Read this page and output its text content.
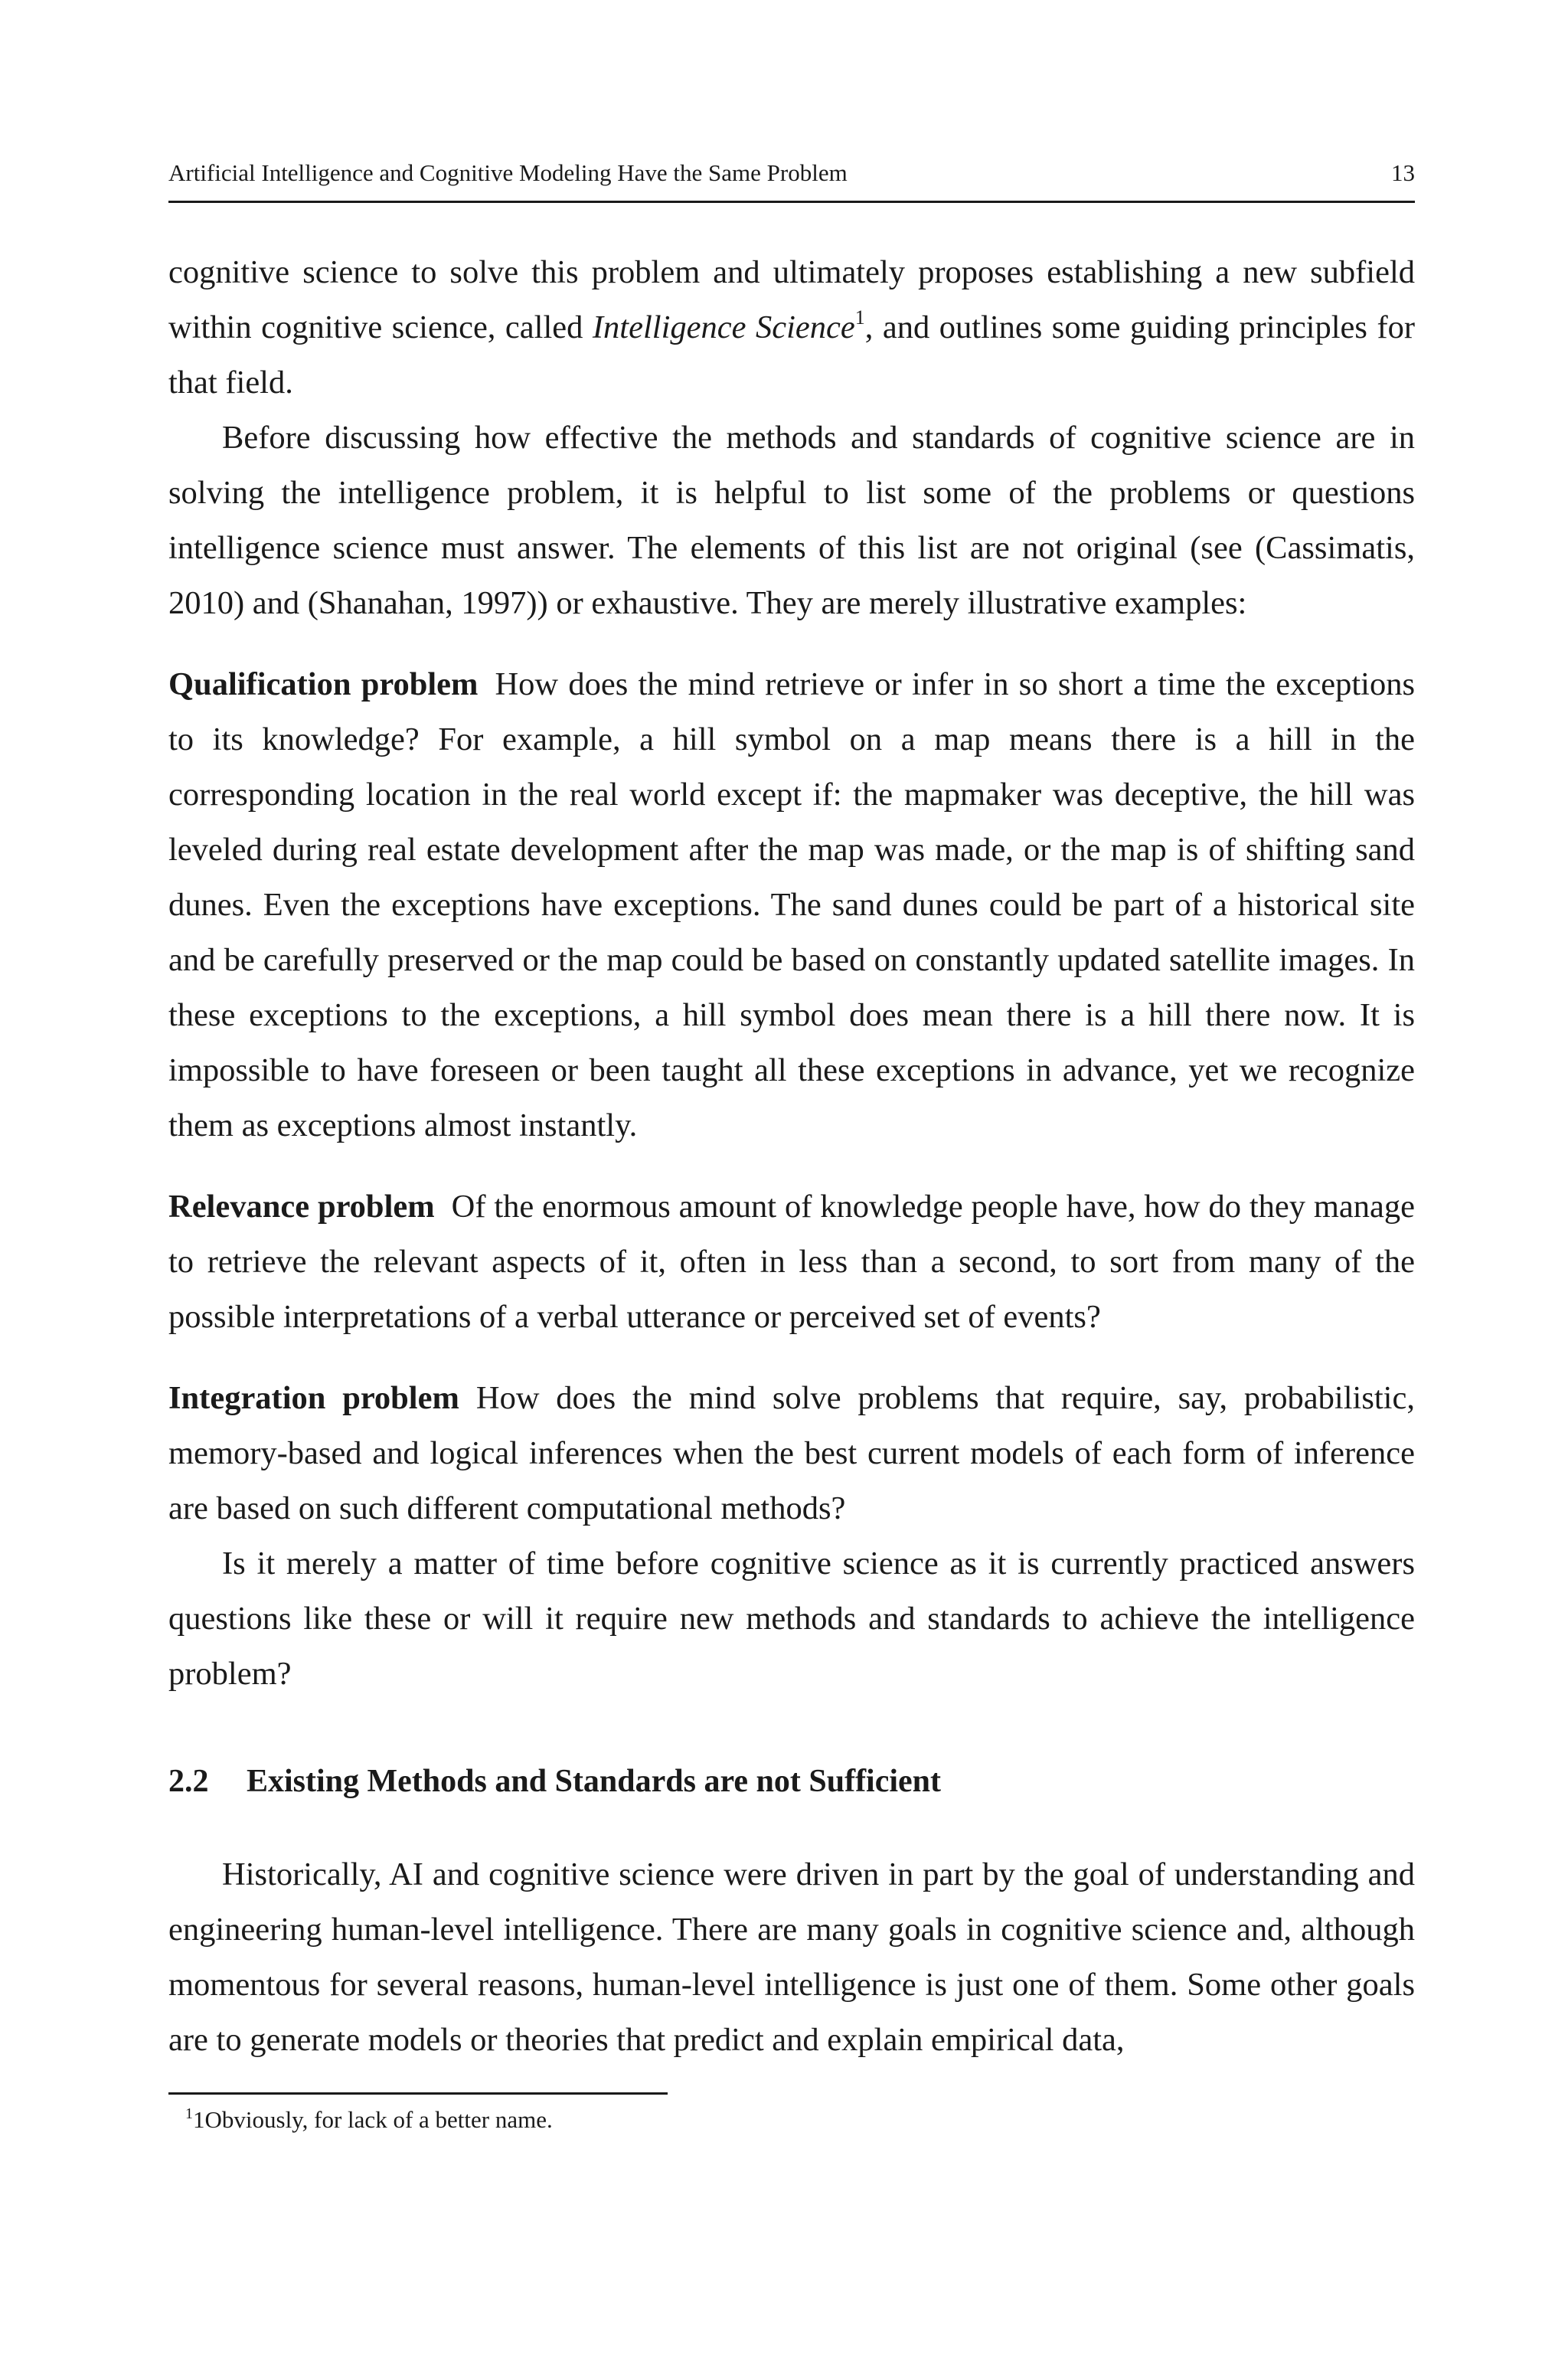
Artificial Intelligence and Cognitive Modeling Have the Same Problem	13

cognitive science to solve this problem and ultimately proposes establishing a new subfield within cognitive science, called Intelligence Science$^1$, and outlines some guiding principles for that field.

Before discussing how effective the methods and standards of cognitive science are in solving the intelligence problem, it is helpful to list some of the problems or questions intelligence science must answer. The elements of this list are not original (see (Cassimatis, 2010) and (Shanahan, 1997)) or exhaustive. They are merely illustrative examples:

Qualification problem How does the mind retrieve or infer in so short a time the exceptions to its knowledge? For example, a hill symbol on a map means there is a hill in the corresponding location in the real world except if: the mapmaker was deceptive, the hill was leveled during real estate development after the map was made, or the map is of shifting sand dunes. Even the exceptions have exceptions. The sand dunes could be part of a historical site and be carefully preserved or the map could be based on constantly updated satellite images. In these exceptions to the exceptions, a hill symbol does mean there is a hill there now. It is impossible to have foreseen or been taught all these exceptions in advance, yet we recognize them as exceptions almost instantly.

Relevance problem Of the enormous amount of knowledge people have, how do they manage to retrieve the relevant aspects of it, often in less than a second, to sort from many of the possible interpretations of a verbal utterance or perceived set of events?

Integration problem How does the mind solve problems that require, say, probabilistic, memory-based and logical inferences when the best current models of each form of inference are based on such different computational methods?

Is it merely a matter of time before cognitive science as it is currently practiced answers questions like these or will it require new methods and standards to achieve the intelligence problem?

2.2 Existing Methods and Standards are not Sufficient

Historically, AI and cognitive science were driven in part by the goal of understanding and engineering human-level intelligence. There are many goals in cognitive science and, although momentous for several reasons, human-level intelligence is just one of them. Some other goals are to generate models or theories that predict and explain empirical data,

$^1$1Obviously, for lack of a better name.
